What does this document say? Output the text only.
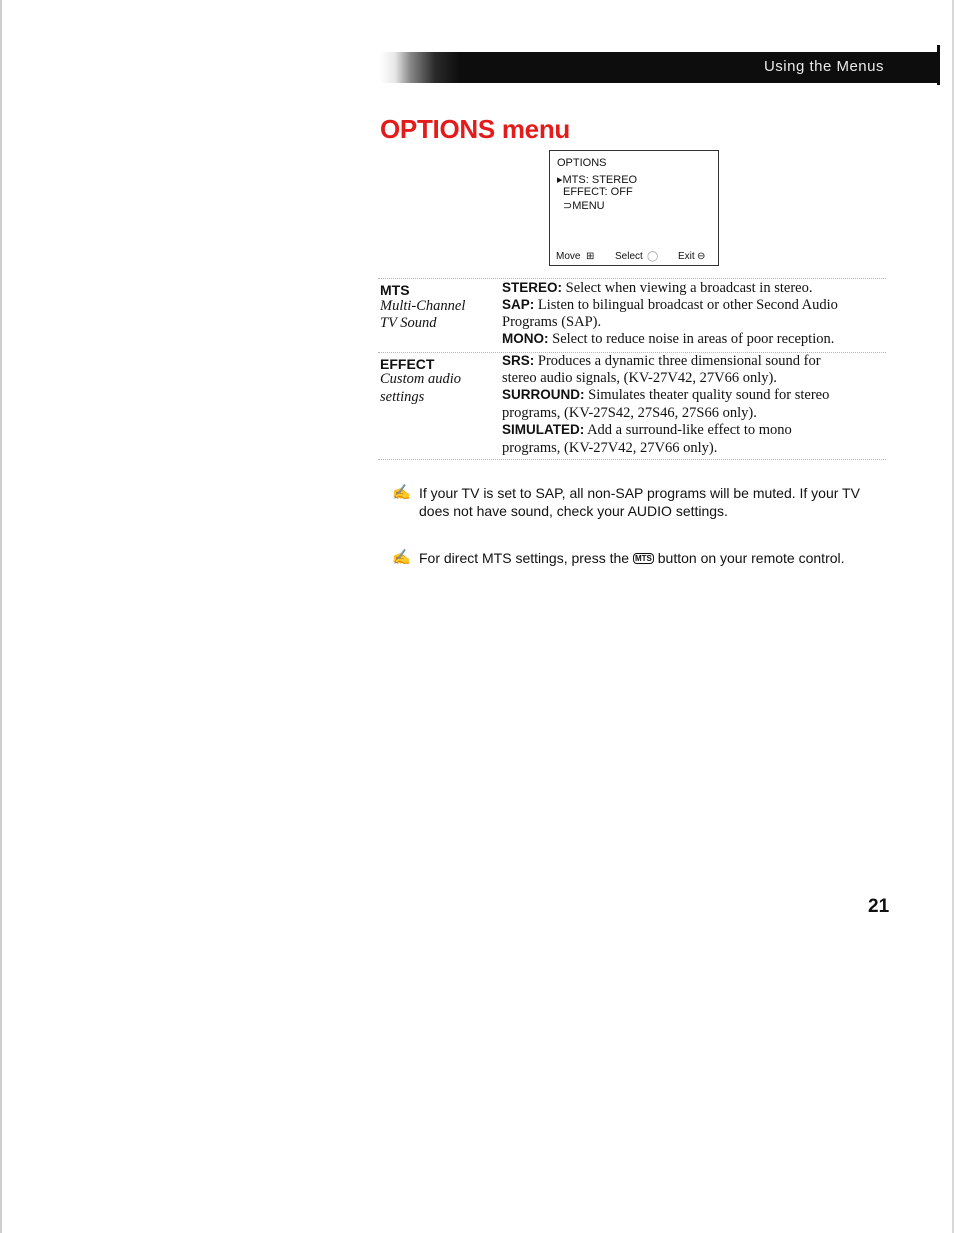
Using the Menus
OPTIONS menu
OPTIONS
▸MTS: STEREO
EFFECT: OFF
⊃MENU
Move ⊞ Select ◯ Exit ⊖
MTS
Multi-Channel
TV Sound
STEREO: Select when viewing a broadcast in stereo.
SAP: Listen to bilingual broadcast or other Second Audio
Programs (SAP).
MONO: Select to reduce noise in areas of poor reception.
EFFECT
Custom audio
settings
SRS: Produces a dynamic three dimensional sound for
stereo audio signals, (KV-27V42, 27V66 only).
SURROUND: Simulates theater quality sound for stereo
programs, (KV-27S42, 27S46, 27S66 only).
SIMULATED: Add a surround-like effect to mono
programs, (KV-27V42, 27V66 only).
✍ If your TV is set to SAP, all non-SAP programs will be muted. If your TV does not have sound, check your AUDIO settings.
✍ For direct MTS settings, press the MTS button on your remote control.
21
